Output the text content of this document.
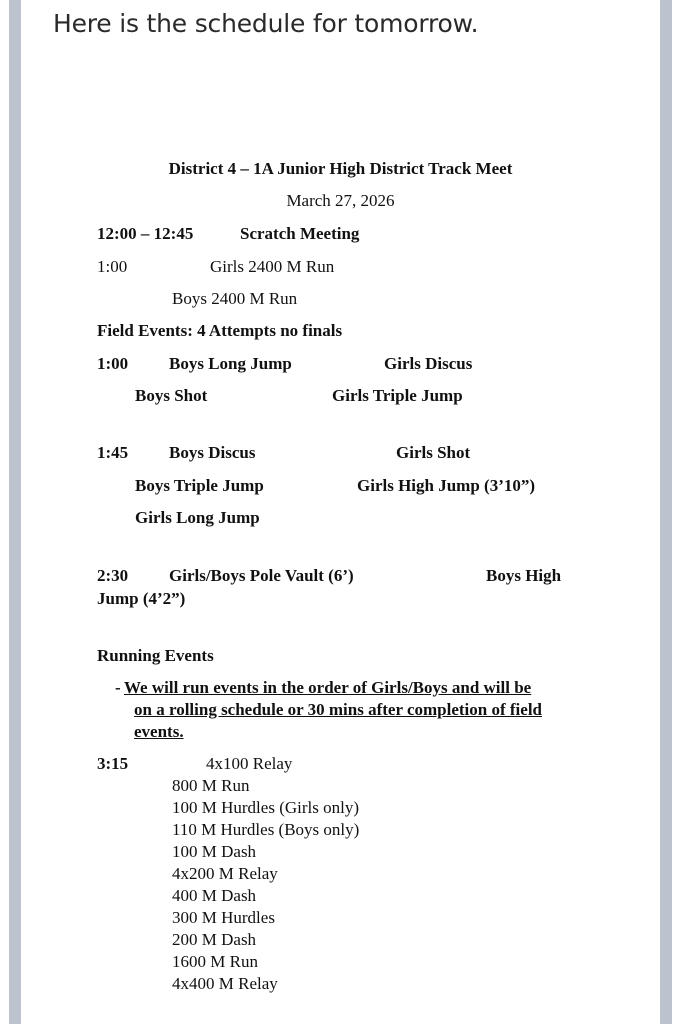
Here is the schedule for tomorrow.
District 4 – 1A Junior High District Track Meet
March 27, 2026
12:00 – 12:45	Scratch Meeting
1:00	Girls 2400 M Run
Boys 2400 M Run
Field Events: 4 Attempts no finals
1:00 Boys Long Jump	Girls Discus
Boys Shot	Girls Triple Jump
1:45 Boys Discus	Girls Shot
Boys Triple Jump	Girls High Jump (3’10”)
Girls Long Jump
2:30 Girls/Boys Pole Vault (6’)	Boys High
Jump (4’2”)
Running Events
- We will run events in the order of Girls/Boys and will be
on a rolling schedule or 30 mins after completion of field
events.
3:15	4x100 Relay
800 M Run
100 M Hurdles (Girls only)
110 M Hurdles (Boys only)
100 M Dash
4x200 M Relay
400 M Dash
300 M Hurdles
200 M Dash
1600 M Run
4x400 M Relay
